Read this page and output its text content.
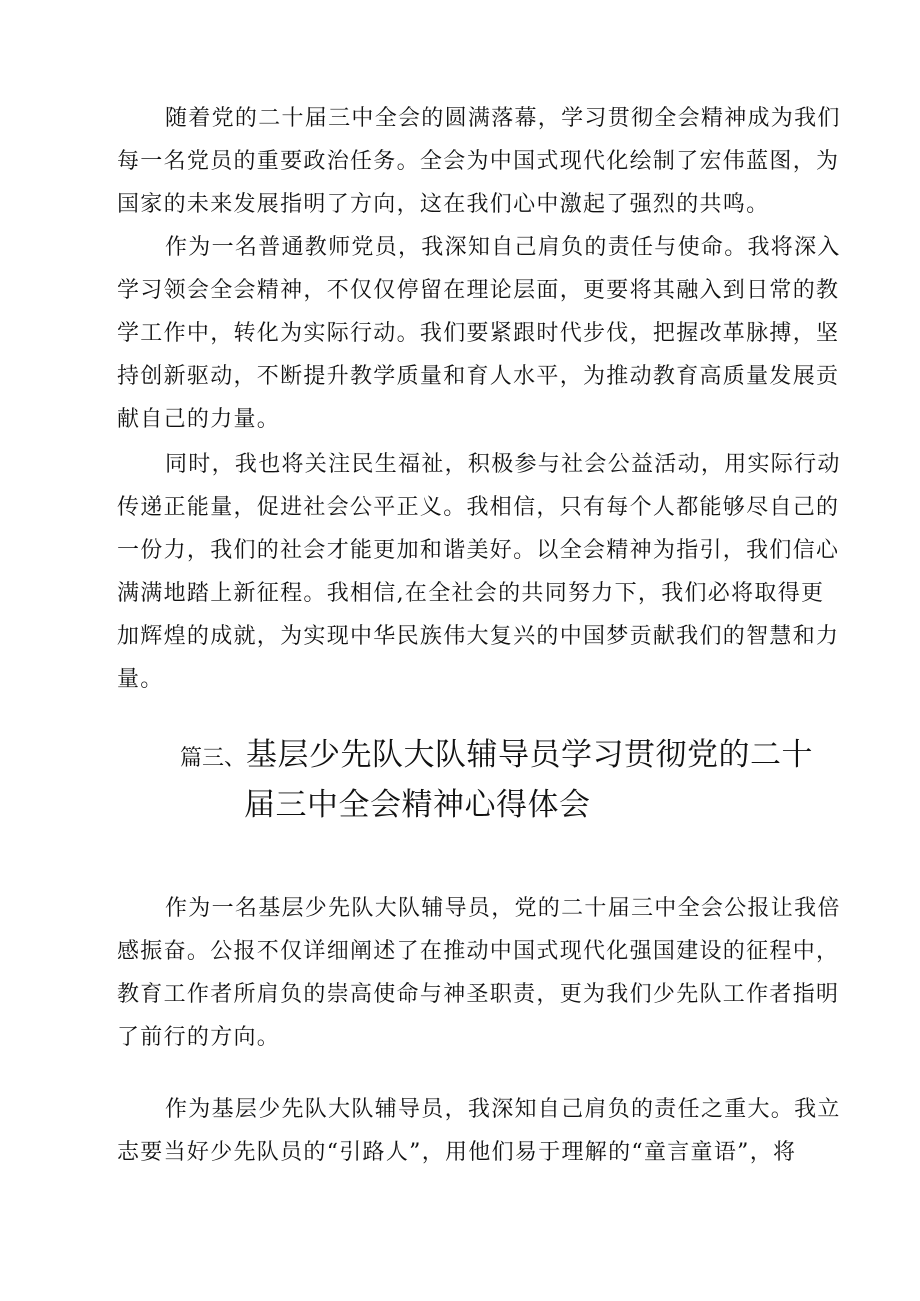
随着党的二十届三中全会的圆满落幕，学习贯彻全会精神成为我们
每一名党员的重要政治任务。全会为中国式现代化绘制了宏伟蓝图，为
国家的未来发展指明了方向，这在我们心中激起了强烈的共鸣。

作为一名普通教师党员，我深知自己肩负的责任与使命。我将深入
学习领会全会精神，不仅仅停留在理论层面，更要将其融入到日常的教
学工作中，转化为实际行动。我们要紧跟时代步伐，把握改革脉搏，坚
持创新驱动，不断提升教学质量和育人水平，为推动教育高质量发展贡
献自己的力量。

同时，我也将关注民生福祉，积极参与社会公益活动，用实际行动
传递正能量，促进社会公平正义。我相信，只有每个人都能够尽自己的
一份力，我们的社会才能更加和谐美好。以全会精神为指引，我们信心
满满地踏上新征程。我相信,在全社会的共同努力下，我们必将取得更
加辉煌的成就，为实现中华民族伟大复兴的中国梦贡献我们的智慧和力
量。

篇三、基层少先队大队辅导员学习贯彻党的二十
届三中全会精神心得体会

作为一名基层少先队大队辅导员，党的二十届三中全会公报让我倍
感振奋。公报不仅详细阐述了在推动中国式现代化强国建设的征程中，
教育工作者所肩负的崇高使命与神圣职责，更为我们少先队工作者指明
了前行的方向。

作为基层少先队大队辅导员，我深知自己肩负的责任之重大。我立
志要当好少先队员的“引路人”，用他们易于理解的“童言童语”，将
